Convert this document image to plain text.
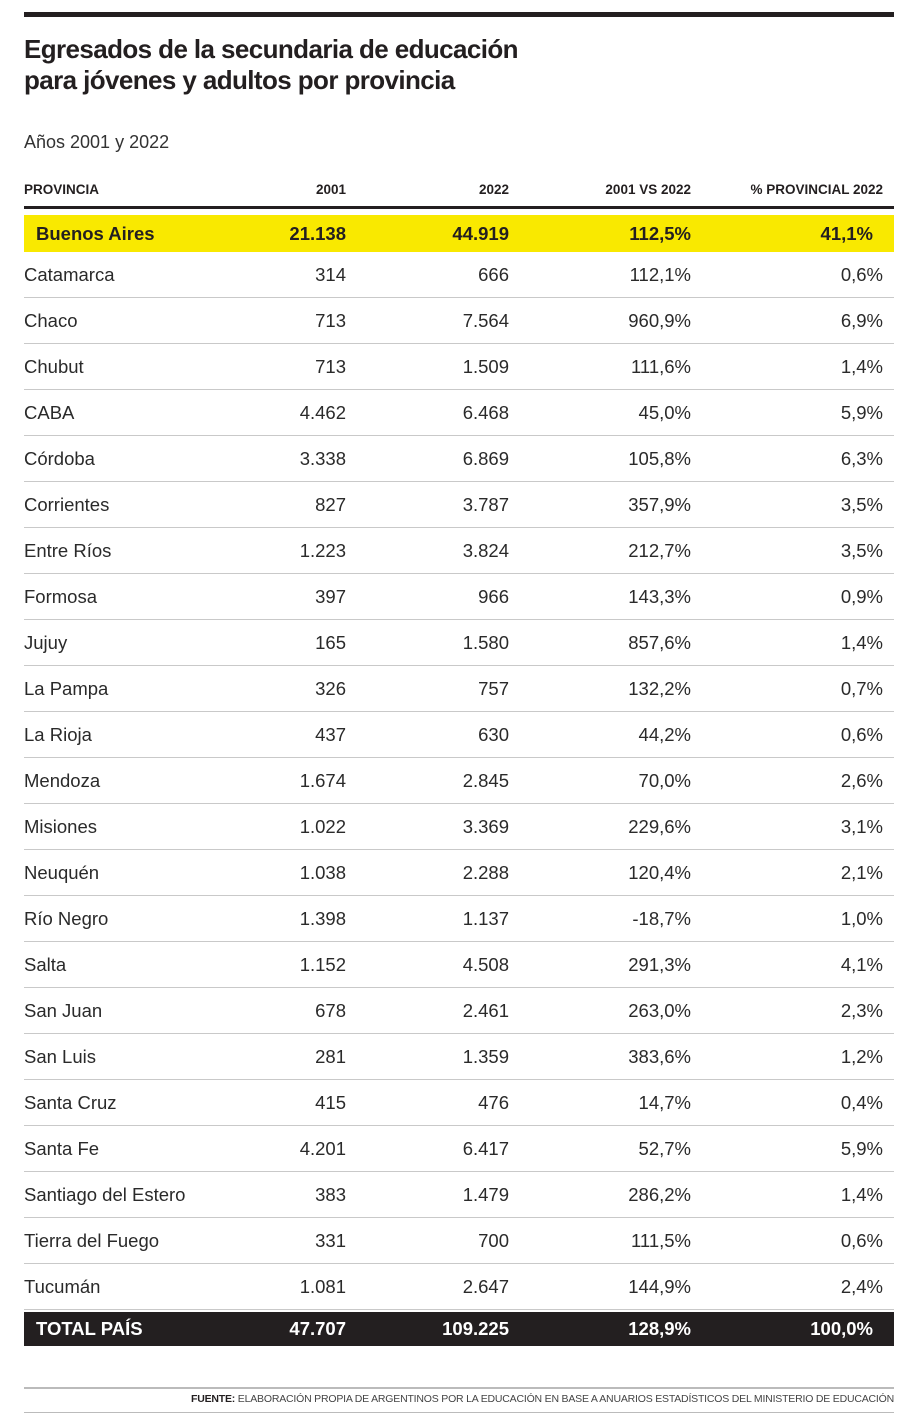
Egresados de la secundaria de educación
para jóvenes y adultos por provincia
Años 2001 y 2022
PROVINCIA	2001	2022	2001 VS 2022	% PROVINCIAL 2022
Buenos Aires	21.138	44.919	112,5%	41,1%
Catamarca	314	666	112,1%	0,6%
Chaco	713	7.564	960,9%	6,9%
Chubut	713	1.509	111,6%	1,4%
CABA	4.462	6.468	45,0%	5,9%
Córdoba	3.338	6.869	105,8%	6,3%
Corrientes	827	3.787	357,9%	3,5%
Entre Ríos	1.223	3.824	212,7%	3,5%
Formosa	397	966	143,3%	0,9%
Jujuy	165	1.580	857,6%	1,4%
La Pampa	326	757	132,2%	0,7%
La Rioja	437	630	44,2%	0,6%
Mendoza	1.674	2.845	70,0%	2,6%
Misiones	1.022	3.369	229,6%	3,1%
Neuquén	1.038	2.288	120,4%	2,1%
Río Negro	1.398	1.137	-18,7%	1,0%
Salta	1.152	4.508	291,3%	4,1%
San Juan	678	2.461	263,0%	2,3%
San Luis	281	1.359	383,6%	1,2%
Santa Cruz	415	476	14,7%	0,4%
Santa Fe	4.201	6.417	52,7%	5,9%
Santiago del Estero	383	1.479	286,2%	1,4%
Tierra del Fuego	331	700	111,5%	0,6%
Tucumán	1.081	2.647	144,9%	2,4%
TOTAL PAÍS	47.707	109.225	128,9%	100,0%
FUENTE: ELABORACIÓN PROPIA DE ARGENTINOS POR LA EDUCACIÓN EN BASE A ANUARIOS ESTADÍSTICOS DEL MINISTERIO DE EDUCACIÓN
